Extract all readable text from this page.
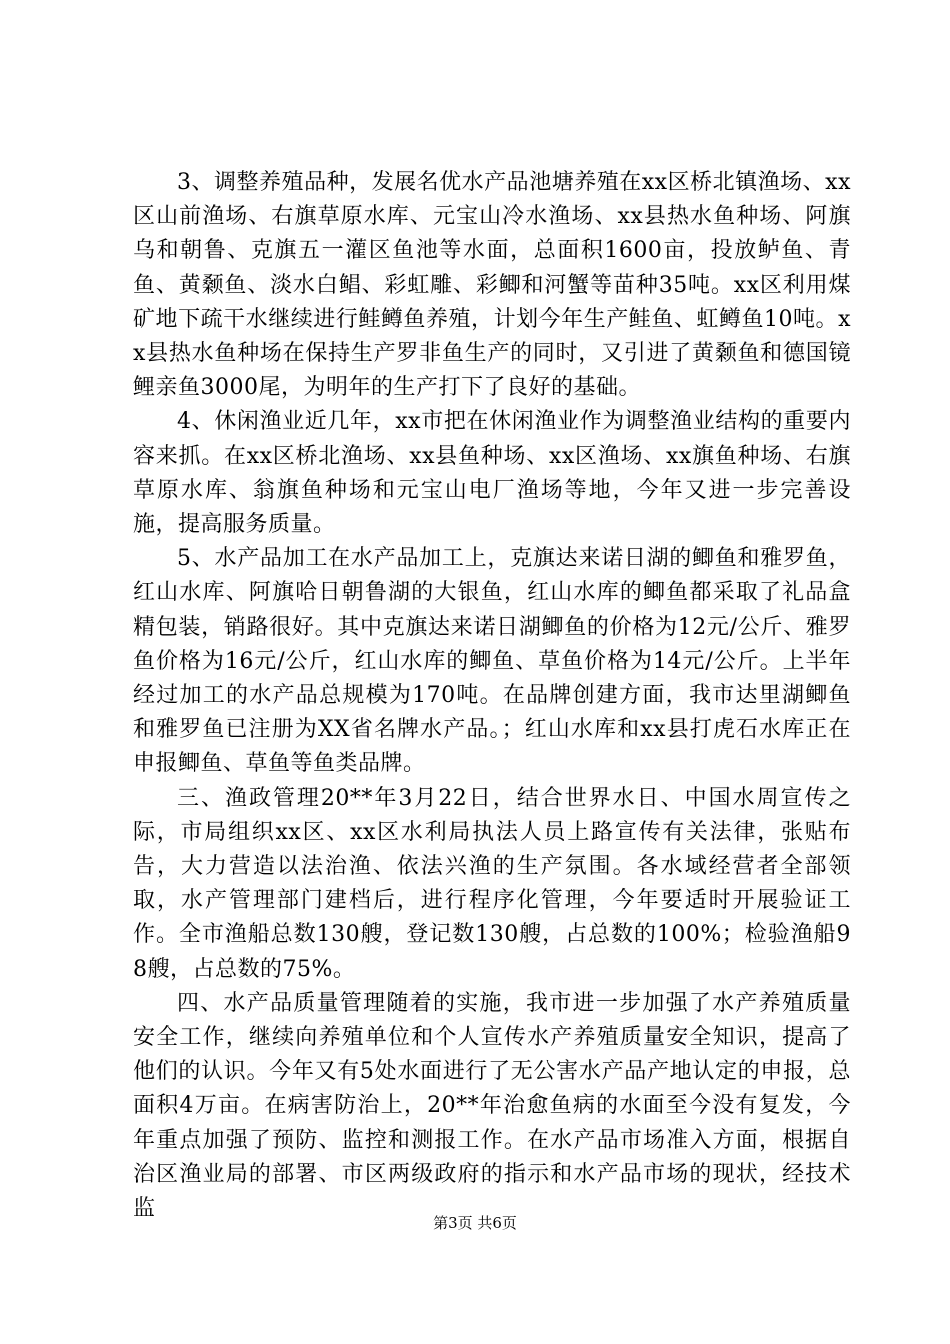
3、调整养殖品种，发展名优水产品池塘养殖在xx区桥北镇渔场、xx区山前渔场、右旗草原水库、元宝山冷水渔场、xx县热水鱼种场、阿旗乌和朝鲁、克旗五一灌区鱼池等水面，总面积1600亩，投放鲈鱼、青鱼、黄颡鱼、淡水白鲳、彩虹雕、彩鲫和河蟹等苗种35吨。xx区利用煤矿地下疏干水继续进行鲑鳟鱼养殖，计划今年生产鲑鱼、虹鳟鱼10吨。xx县热水鱼种场在保持生产罗非鱼生产的同时，又引进了黄颡鱼和德国镜鲤亲鱼3000尾，为明年的生产打下了良好的基础。

4、休闲渔业近几年，xx市把在休闲渔业作为调整渔业结构的重要内容来抓。在xx区桥北渔场、xx县鱼种场、xx区渔场、xx旗鱼种场、右旗草原水库、翁旗鱼种场和元宝山电厂渔场等地，今年又进一步完善设施，提高服务质量。

5、水产品加工在水产品加工上，克旗达来诺日湖的鲫鱼和雅罗鱼，红山水库、阿旗哈日朝鲁湖的大银鱼，红山水库的鲫鱼都采取了礼品盒精包装，销路很好。其中克旗达来诺日湖鲫鱼的价格为12元/公斤、雅罗鱼价格为16元/公斤，红山水库的鲫鱼、草鱼价格为14元/公斤。上半年经过加工的水产品总规模为170吨。在品牌创建方面，我市达里湖鲫鱼和雅罗鱼已注册为XX省名牌水产品。；红山水库和xx县打虎石水库正在申报鲫鱼、草鱼等鱼类品牌。

三、渔政管理20**年3月22日，结合世界水日、中国水周宣传之际，市局组织xx区、xx区水利局执法人员上路宣传有关法律，张贴布告，大力营造以法治渔、依法兴渔的生产氛围。各水域经营者全部领取，水产管理部门建档后，进行程序化管理，今年要适时开展验证工作。全市渔船总数130艘，登记数130艘，占总数的100%；检验渔船98艘，占总数的75%。

四、水产品质量管理随着的实施，我市进一步加强了水产养殖质量安全工作，继续向养殖单位和个人宣传水产养殖质量安全知识，提高了他们的认识。今年又有5处水面进行了无公害水产品产地认定的申报，总面积4万亩。在病害防治上，20**年治愈鱼病的水面至今没有复发，今年重点加强了预防、监控和测报工作。在水产品市场准入方面，根据自治区渔业局的部署、市区两级政府的指示和水产品市场的现状，经技术监

第3页 共6页
